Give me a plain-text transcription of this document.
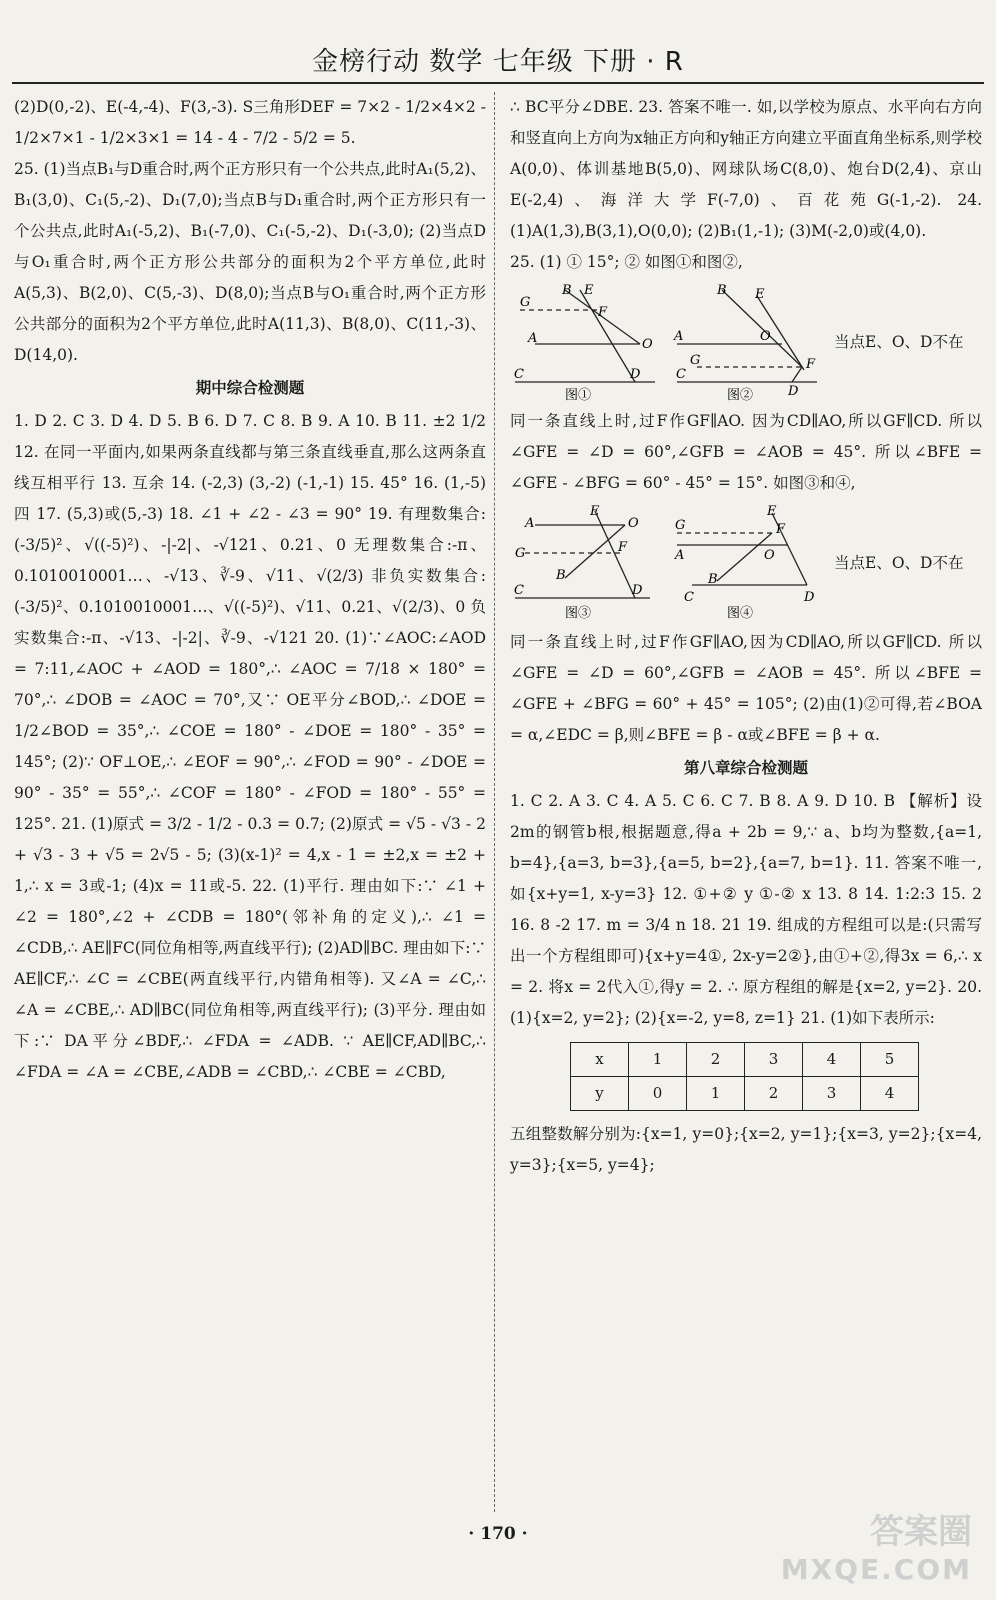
金榜行动 数学 七年级 下册 · R

(2)D(0,-2)、E(-4,-4)、F(3,-3). S三角形DEF = 7×2 - 1/2×4×2 - 1/2×7×1 - 1/2×3×1 = 14 - 4 - 7/2 - 5/2 = 5.

25. (1)当点B₁与D重合时,两个正方形只有一个公共点,此时A₁(5,2)、B₁(3,0)、C₁(5,-2)、D₁(7,0);当点B与D₁重合时,两个正方形只有一个公共点,此时A₁(-5,2)、B₁(-7,0)、C₁(-5,-2)、D₁(-3,0); (2)当点D与O₁重合时,两个正方形公共部分的面积为2个平方单位,此时A(5,3)、B(2,0)、C(5,-3)、D(8,0);当点B与O₁重合时,两个正方形公共部分的面积为2个平方单位,此时A(11,3)、B(8,0)、C(11,-3)、D(14,0).

期中综合检测题

1. D 2. C 3. D 4. D 5. B 6. D 7. C 8. B 9. A 10. B 11. ±2 1/2 12. 在同一平面内,如果两条直线都与第三条直线垂直,那么这两条直线互相平行 13. 互余 14. (-2,3) (3,-2) (-1,-1) 15. 45° 16. (1,-5) 四 17. (5,3)或(5,-3) 18. ∠1 + ∠2 - ∠3 = 90° 19. 有理数集合:(-3/5)²、√((-5)²)、-|-2|、-√121、0.21、0 无理数集合:-π、0.1010010001…、-√13、∛-9、√11、√(2/3) 非负实数集合:(-3/5)²、0.1010010001…、√((-5)²)、√11、0.21、√(2/3)、0 负实数集合:-π、-√13、-|-2|、∛-9、-√121 20. (1)∵∠AOC:∠AOD = 7:11,∠AOC + ∠AOD = 180°,∴ ∠AOC = 7/18 × 180° = 70°,∴ ∠DOB = ∠AOC = 70°,又∵ OE平分∠BOD,∴ ∠DOE = 1/2∠BOD = 35°,∴ ∠COE = 180° - ∠DOE = 180° - 35° = 145°; (2)∵ OF⊥OE,∴ ∠EOF = 90°,∴ ∠FOD = 90° - ∠DOE = 90° - 35° = 55°,∴ ∠COF = 180° - ∠FOD = 180° - 55° = 125°. 21. (1)原式 = 3/2 - 1/2 - 0.3 = 0.7; (2)原式 = √5 - √3 - 2 + √3 - 3 + √5 = 2√5 - 5; (3)(x-1)² = 4,x - 1 = ±2,x = ±2 + 1,∴ x = 3或-1; (4)x = 11或-5. 22. (1)平行. 理由如下:∵ ∠1 + ∠2 = 180°,∠2 + ∠CDB = 180°(邻补角的定义),∴ ∠1 = ∠CDB,∴ AE∥FC(同位角相等,两直线平行); (2)AD∥BC. 理由如下:∵ AE∥CF,∴ ∠C = ∠CBE(两直线平行,内错角相等). 又∠A = ∠C,∴ ∠A = ∠CBE,∴ AD∥BC(同位角相等,两直线平行); (3)平分. 理由如下:∵ DA平分∠BDF,∴ ∠FDA = ∠ADB. ∵ AE∥CF,AD∥BC,∴ ∠FDA = ∠A = ∠CBE,∠ADB = ∠CBD,∴ ∠CBE = ∠CBD,

∴ BC平分∠DBE. 23. 答案不唯一. 如,以学校为原点、水平向右方向和竖直向上方向为x轴正方向和y轴正方向建立平面直角坐标系,则学校A(0,0)、体训基地B(5,0)、网球队场C(8,0)、炮台D(2,4)、京山E(-2,4)、海洋大学F(-7,0)、百花苑G(-1,-2). 24. (1)A(1,3),B(3,1),O(0,0); (2)B₁(1,-1); (3)M(-2,0)或(4,0).

25. (1) ① 15°; ② 如图①和图②,

B E
G
F
A	O
C	D
图①
B E
A	O
F
G
C
D
图②
当点E、O、D不在

同一条直线上时,过F作GF∥AO. 因为CD∥AO,所以GF∥CD. 所以∠GFE = ∠D = 60°,∠GFB = ∠AOB = 45°. 所以∠BFE = ∠GFE - ∠BFG = 60° - 45° = 15°. 如图③和④,

E
O
A
G	F
B
C	D
图③
E
G	F
A	O
B
C	D
图④
当点E、O、D不在

同一条直线上时,过F作GF∥AO,因为CD∥AO,所以GF∥CD. 所以∠GFE = ∠D = 60°,∠GFB = ∠AOB = 45°. 所以∠BFE = ∠GFE + ∠BFG = 60° + 45° = 105°; (2)由(1)②可得,若∠BOA = α,∠EDC = β,则∠BFE = β - α或∠BFE = β + α.

第八章综合检测题

1. C 2. A 3. C 4. A 5. C 6. C 7. B 8. A 9. D 10. B 【解析】设2m的钢管b根,根据题意,得a + 2b = 9,∵ a、b均为整数,{a=1, b=4},{a=3, b=3},{a=5, b=2},{a=7, b=1}. 11. 答案不唯一,如{x+y=1, x-y=3} 12. ①+② y ①-② x 13. 8 14. 1:2:3 15. 2 16. 8 -2 17. m = 3/4 n 18. 21 19. 组成的方程组可以是:(只需写出一个方程组即可){x+y=4①, 2x-y=2②},由①+②,得3x = 6,∴ x = 2. 将x = 2代入①,得y = 2. ∴ 原方程组的解是{x=2, y=2}. 20. (1){x=2, y=2}; (2){x=-2, y=8, z=1} 21. (1)如下表所示:

x	1	2	3	4	5
y	0	1	2	3	4

五组整数解分别为:{x=1, y=0};{x=2, y=1};{x=3, y=2};{x=4, y=3};{x=5, y=4};

· 170 ·	答案圈
MXQE.COM
